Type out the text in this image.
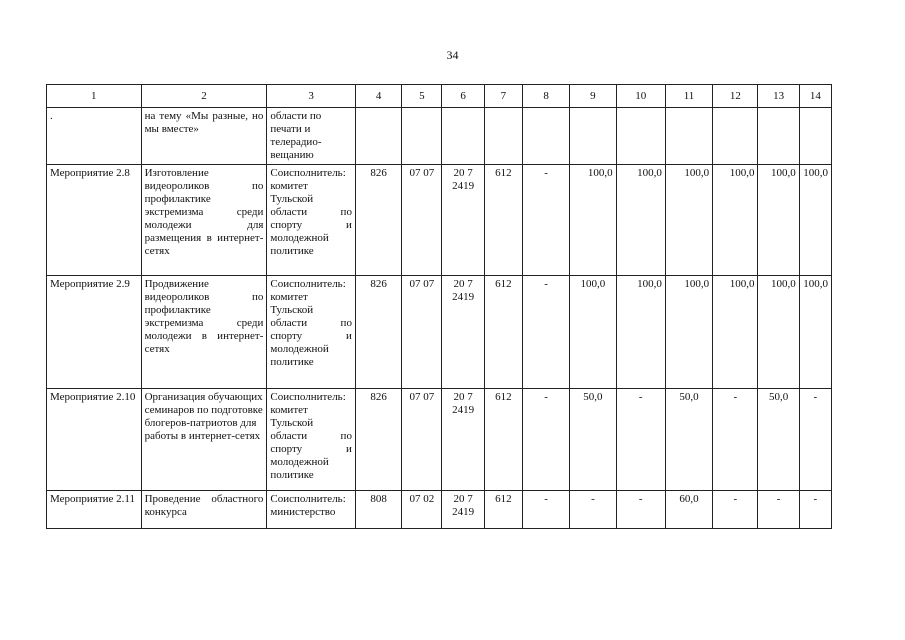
34
1	2	3	4	5	6	7	8	9	10	11	12	13	14
.	на тему «Мы разные, но мы вместе»	области по печати и телерадио-вещанию											
Мероприятие 2.8	Изготовление видеороликов по профилактике экстремизма среди молодежи для размещения в интернет-сетях	Соисполнитель: комитет Тульской области по спорту и молодежной политике	826	07 07	20 7 2419	612	-	100,0	100,0	100,0	100,0	100,0	100,0
Мероприятие 2.9	Продвижение видеороликов по профилактике экстремизма среди молодежи в интернет-сетях	Соисполнитель: комитет Тульской области по спорту и молодежной политике	826	07 07	20 7 2419	612	-	100,0	100,0	100,0	100,0	100,0	100,0
Мероприятие 2.10	Организация обучающих семинаров по подготовке блогеров-патриотов для работы в интернет-сетях	Соисполнитель: комитет Тульской области по спорту и молодежной политике	826	07 07	20 7 2419	612	-	50,0	-	50,0	-	50,0	-
Мероприятие 2.11	Проведение областного конкурса	Соисполнитель: министерство	808	07 02	20 7 2419	612	-	-	-	60,0	-	-	-
